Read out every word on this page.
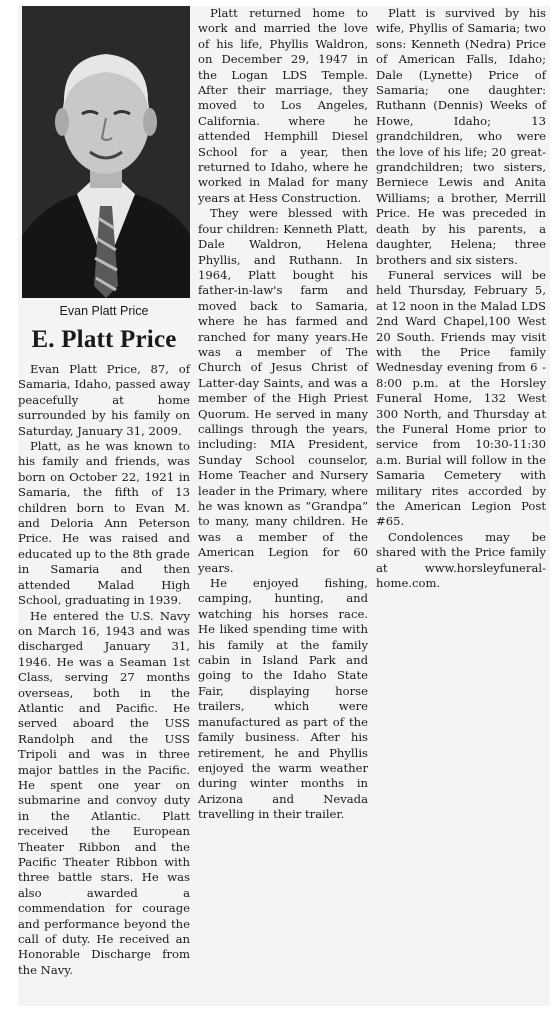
Evan Platt Price
E. Platt Price

Evan Platt Price, 87, of Samaria, Idaho, passed away peacefully at home surrounded by his family on Saturday, January 31, 2009.

Platt, as he was known to his family and friends, was born on October 22, 1921 in Samaria, the fifth of 13 children born to Evan M. and Deloria Ann Peterson Price. He was raised and educated up to the 8th grade in Samaria and then attended Malad High School, graduating in 1939.

He entered the U.S. Navy on March 16, 1943 and was discharged January 31, 1946. He was a Seaman 1st Class, serving 27 months overseas, both in the Atlantic and Pacific. He served aboard the USS Randolph and the USS Tripoli and was in three major battles in the Pacific. He spent one year on submarine and convoy duty in the Atlantic. Platt received the European Theater Ribbon and the Pacific Theater Ribbon with three battle stars. He was also awarded a commendation for courage and performance beyond the call of duty. He received an Honorable Discharge from the Navy.

Platt returned home to work and married the love of his life, Phyllis Waldron, on December 29, 1947 in the Logan LDS Temple. After their marriage, they moved to Los Angeles, California. where he attended Hemphill Diesel School for a year, then returned to Idaho, where he worked in Malad for many years at Hess Construction.

They were blessed with four children: Kenneth Platt, Dale Waldron, Helena Phyllis, and Ruthann. In 1964, Platt bought his father-in-law's farm and moved back to Samaria, where he has farmed and ranched for many years.He was a member of The Church of Jesus Christ of Latter-day Saints, and was a member of the High Priest Quorum. He served in many callings through the years, including: MIA President, Sunday School counselor, Home Teacher and Nursery leader in the Primary, where he was known as “Grandpa” to many, many children. He was a member of the American Legion for 60 years.

He enjoyed fishing, camping, hunting, and watching his horses race. He liked spending time with his family at the family cabin in Island Park and going to the Idaho State Fair, displaying horse trailers, which were manufactured as part of the family business. After his retirement, he and Phyllis enjoyed the warm weather during winter months in Arizona and Nevada travelling in their trailer.

Platt is survived by his wife, Phyllis of Samaria; two sons: Kenneth (Nedra) Price of American Falls, Idaho; Dale (Lynette) Price of Samaria; one daughter: Ruthann (Dennis) Weeks of Howe, Idaho; 13 grandchildren, who were the love of his life; 20 great-grandchildren; two sisters, Berniece Lewis and Anita Williams; a brother, Merrill Price. He was preceded in death by his parents, a daughter, Helena; three brothers and six sisters.

Funeral services will be held Thursday, February 5, at 12 noon in the Malad LDS 2nd Ward Chapel,100 West 20 South. Friends may visit with the Price family Wednesday evening from 6 - 8:00 p.m. at the Horsley Funeral Home, 132 West 300 North, and Thursday at the Funeral Home prior to service from 10:30-11:30 a.m. Burial will follow in the Samaria Cemetery with military rites accorded by the American Legion Post #65.

Condolences may be shared with the Price family at www.horsleyfuneral-home.com.
